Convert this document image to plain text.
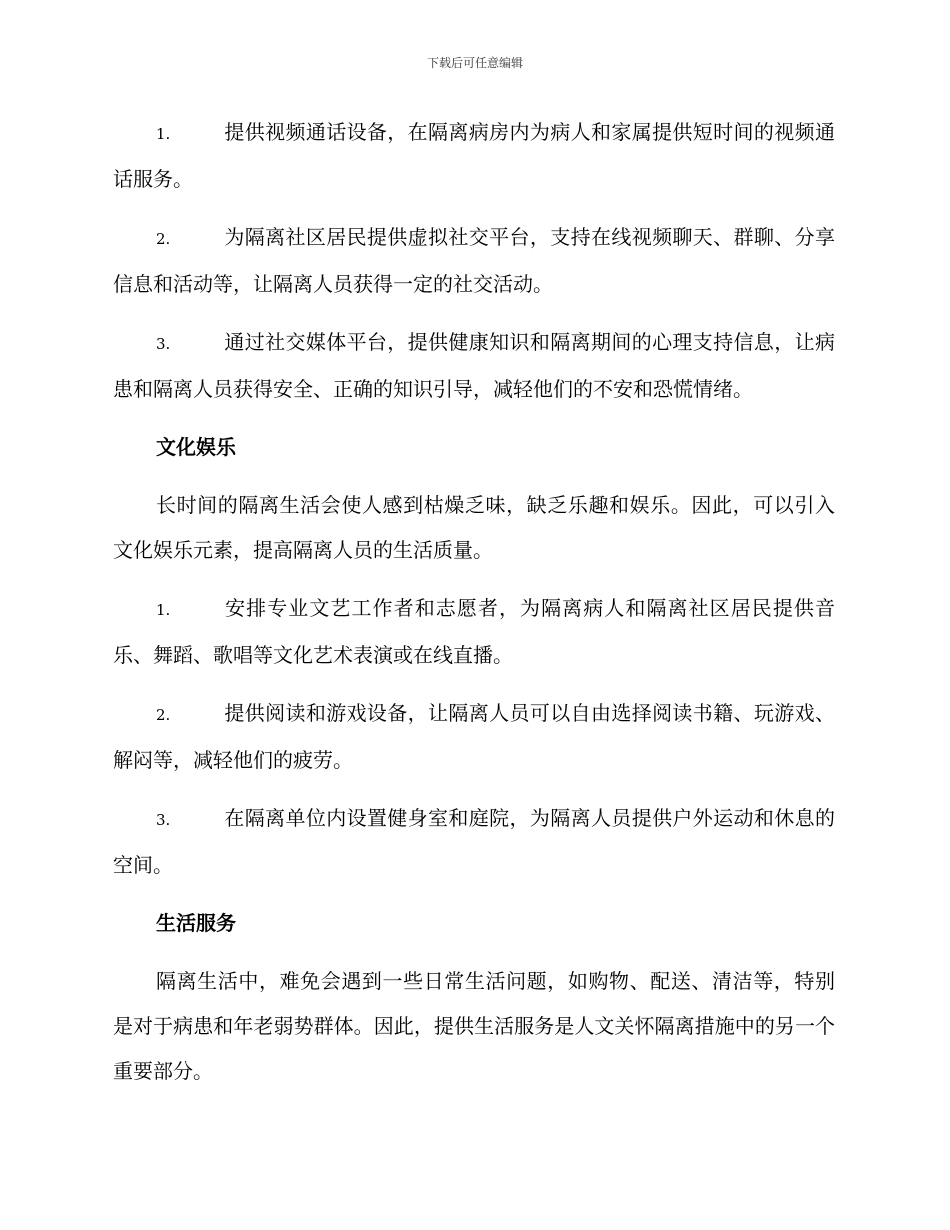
下载后可任意编辑

1.	提供视频通话设备，在隔离病房内为病人和家属提供短时间的视频通话服务。

2.	为隔离社区居民提供虚拟社交平台，支持在线视频聊天、群聊、分享信息和活动等，让隔离人员获得一定的社交活动。

3.	通过社交媒体平台，提供健康知识和隔离期间的心理支持信息，让病患和隔离人员获得安全、正确的知识引导，减轻他们的不安和恐慌情绪。

文化娱乐

长时间的隔离生活会使人感到枯燥乏味，缺乏乐趣和娱乐。因此，可以引入文化娱乐元素，提高隔离人员的生活质量。

1.	安排专业文艺工作者和志愿者，为隔离病人和隔离社区居民提供音乐、舞蹈、歌唱等文化艺术表演或在线直播。

2.	提供阅读和游戏设备，让隔离人员可以自由选择阅读书籍、玩游戏、解闷等，减轻他们的疲劳。

3.	在隔离单位内设置健身室和庭院，为隔离人员提供户外运动和休息的空间。

生活服务

隔离生活中，难免会遇到一些日常生活问题，如购物、配送、清洁等，特别是对于病患和年老弱势群体。因此，提供生活服务是人文关怀隔离措施中的另一个重要部分。
